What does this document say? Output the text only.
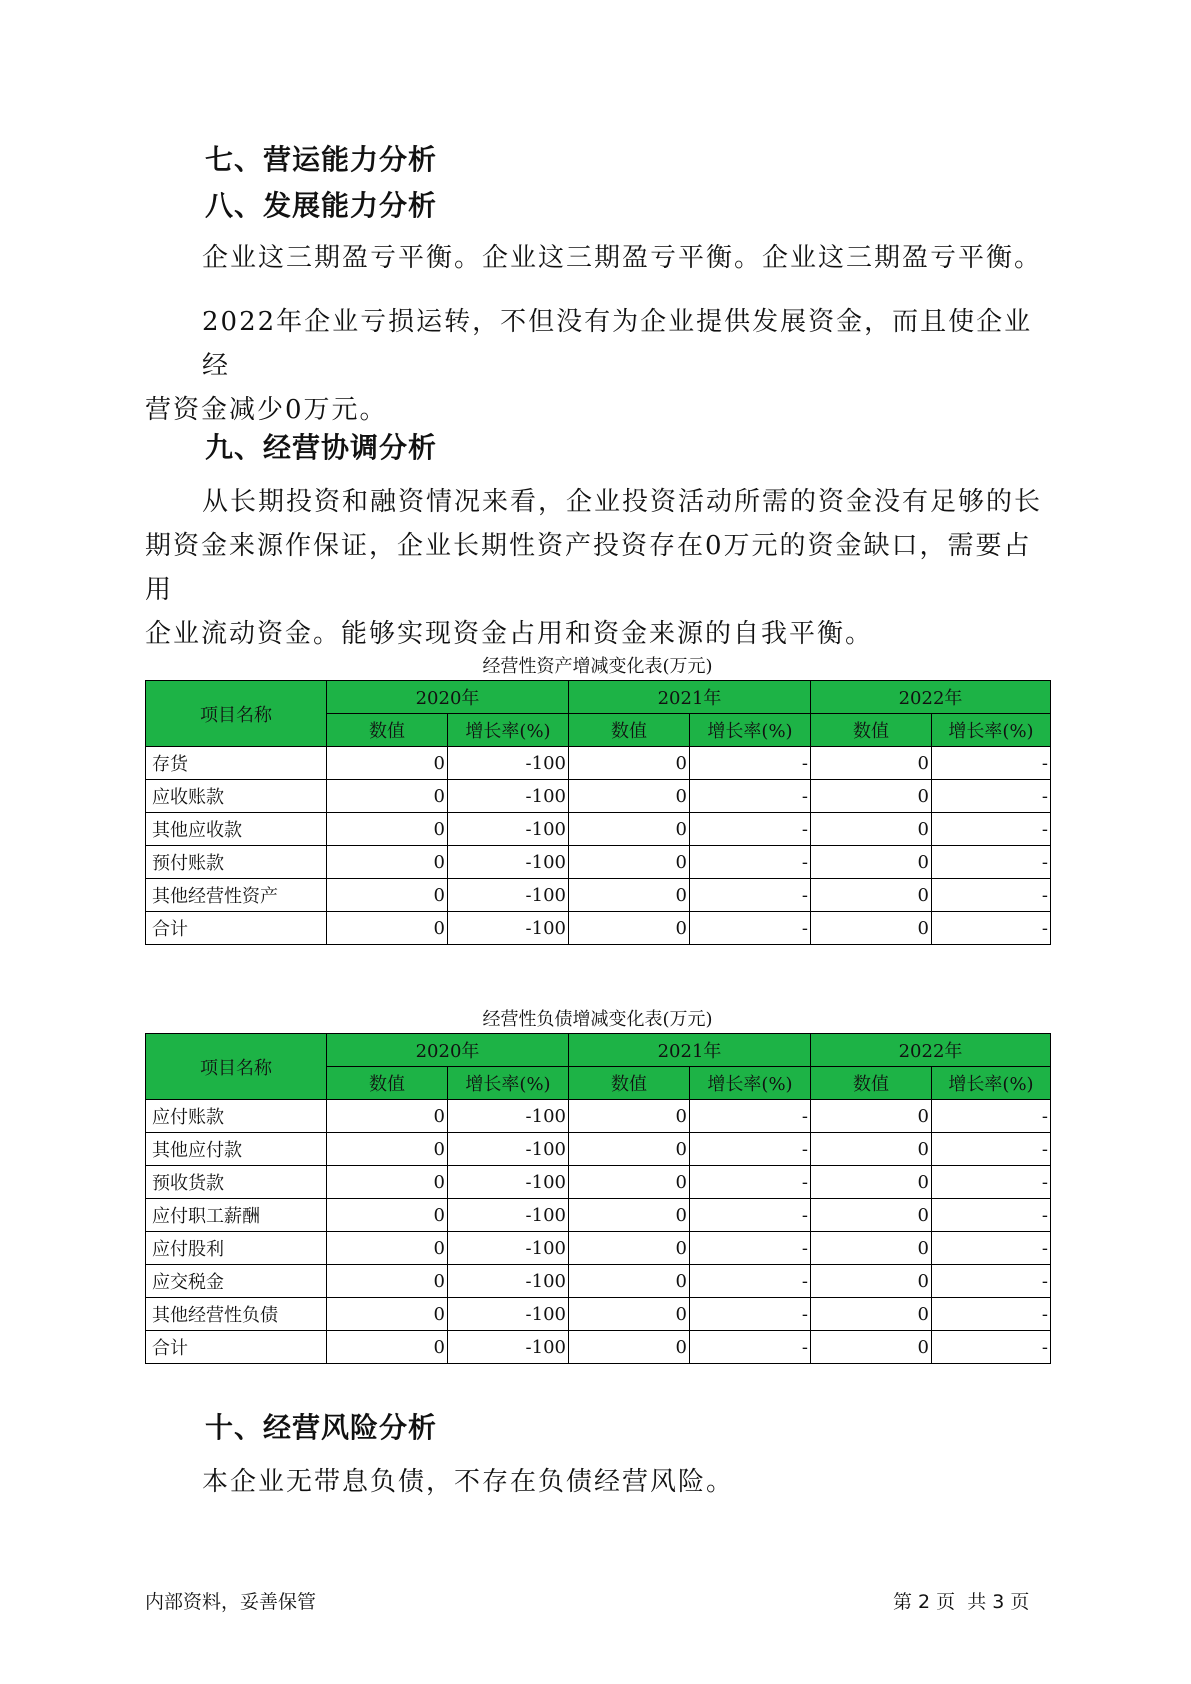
七、营运能力分析
八、发展能力分析

企业这三期盈亏平衡。企业这三期盈亏平衡。企业这三期盈亏平衡。

2022年企业亏损运转，不但没有为企业提供发展资金，而且使企业经

营资金减少0万元。

九、经营协调分析

从长期投资和融资情况来看，企业投资活动所需的资金没有足够的长

期资金来源作保证，企业长期性资产投资存在0万元的资金缺口，需要占用

企业流动资金。能够实现资金占用和资金来源的自我平衡。

经营性资产增减变化表(万元)
项目名称	2020年		2021年		2022年	
	数值	增长率(%)	数值	增长率(%)	数值	增长率(%)
存货	0	-100	0	-	0	-
应收账款	0	-100	0	-	0	-
其他应收款	0	-100	0	-	0	-
预付账款	0	-100	0	-	0	-
其他经营性资产	0	-100	0	-	0	-
合计	0	-100	0	-	0	-
经营性负债增减变化表(万元)
项目名称	2020年		2021年		2022年	
	数值	增长率(%)	数值	增长率(%)	数值	增长率(%)
应付账款	0	-100	0	-	0	-
其他应付款	0	-100	0	-	0	-
预收货款	0	-100	0	-	0	-
应付职工薪酬	0	-100	0	-	0	-
应付股利	0	-100	0	-	0	-
应交税金	0	-100	0	-	0	-
其他经营性负债	0	-100	0	-	0	-
合计	0	-100	0	-	0	-
十、经营风险分析

本企业无带息负债，不存在负债经营风险。

内部资料，妥善保管	第 2 页  共 3 页
